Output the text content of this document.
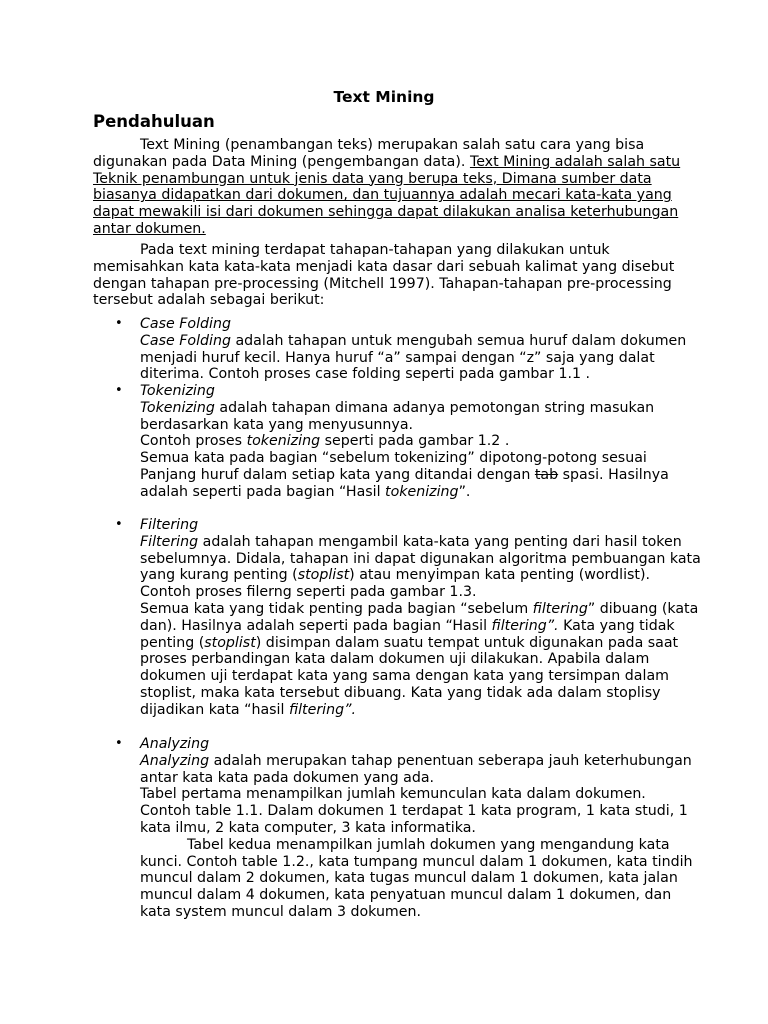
Text Mining
Pendahuluan
Text Mining (penambangan teks) merupakan salah satu cara yang bisa
digunakan pada Data Mining (pengembangan data). Text Mining adalah salah satu
Teknik penambungan untuk jenis data yang berupa teks, Dimana sumber data
biasanya didapatkan dari dokumen, dan tujuannya adalah mecari kata-kata yang
dapat mewakili isi dari dokumen sehingga dapat dilakukan analisa keterhubungan
antar dokumen.
Pada text mining terdapat tahapan-tahapan yang dilakukan untuk
memisahkan kata kata-kata menjadi kata dasar dari sebuah kalimat yang disebut
dengan tahapan pre-processing (Mitchell 1997). Tahapan-tahapan pre-processing
tersebut adalah sebagai berikut:
• Case Folding
Case Folding adalah tahapan untuk mengubah semua huruf dalam dokumen
menjadi huruf kecil. Hanya huruf “a” sampai dengan “z” saja yang dalat
diterima. Contoh proses case folding seperti pada gambar 1.1 .
• Tokenizing
Tokenizing adalah tahapan dimana adanya pemotongan string masukan
berdasarkan kata yang menyusunnya.
Contoh proses tokenizing seperti pada gambar 1.2 .
Semua kata pada bagian “sebelum tokenizing” dipotong-potong sesuai
Panjang huruf dalam setiap kata yang ditandai dengan tab spasi. Hasilnya
adalah seperti pada bagian “Hasil tokenizing”.
• Filtering
Filtering adalah tahapan mengambil kata-kata yang penting dari hasil token
sebelumnya. Didala, tahapan ini dapat digunakan algoritma pembuangan kata
yang kurang penting (stoplist) atau menyimpan kata penting (wordlist).
Contoh proses filerng seperti pada gambar 1.3.
Semua kata yang tidak penting pada bagian “sebelum filtering” dibuang (kata
dan). Hasilnya adalah seperti pada bagian “Hasil filtering”. Kata yang tidak
penting (stoplist) disimpan dalam suatu tempat untuk digunakan pada saat
proses perbandingan kata dalam dokumen uji dilakukan. Apabila dalam
dokumen uji terdapat kata yang sama dengan kata yang tersimpan dalam
stoplist, maka kata tersebut dibuang. Kata yang tidak ada dalam stoplisy
dijadikan kata “hasil filtering”.
• Analyzing
Analyzing adalah merupakan tahap penentuan seberapa jauh keterhubungan
antar kata kata pada dokumen yang ada.
Tabel pertama menampilkan jumlah kemunculan kata dalam dokumen.
Contoh table 1.1. Dalam dokumen 1 terdapat 1 kata program, 1 kata studi, 1
kata ilmu, 2 kata computer, 3 kata informatika.
Tabel kedua menampilkan jumlah dokumen yang mengandung kata
kunci. Contoh table 1.2., kata tumpang muncul dalam 1 dokumen, kata tindih
muncul dalam 2 dokumen, kata tugas muncul dalam 1 dokumen, kata jalan
muncul dalam 4 dokumen, kata penyatuan muncul dalam 1 dokumen, dan
kata system muncul dalam 3 dokumen.
